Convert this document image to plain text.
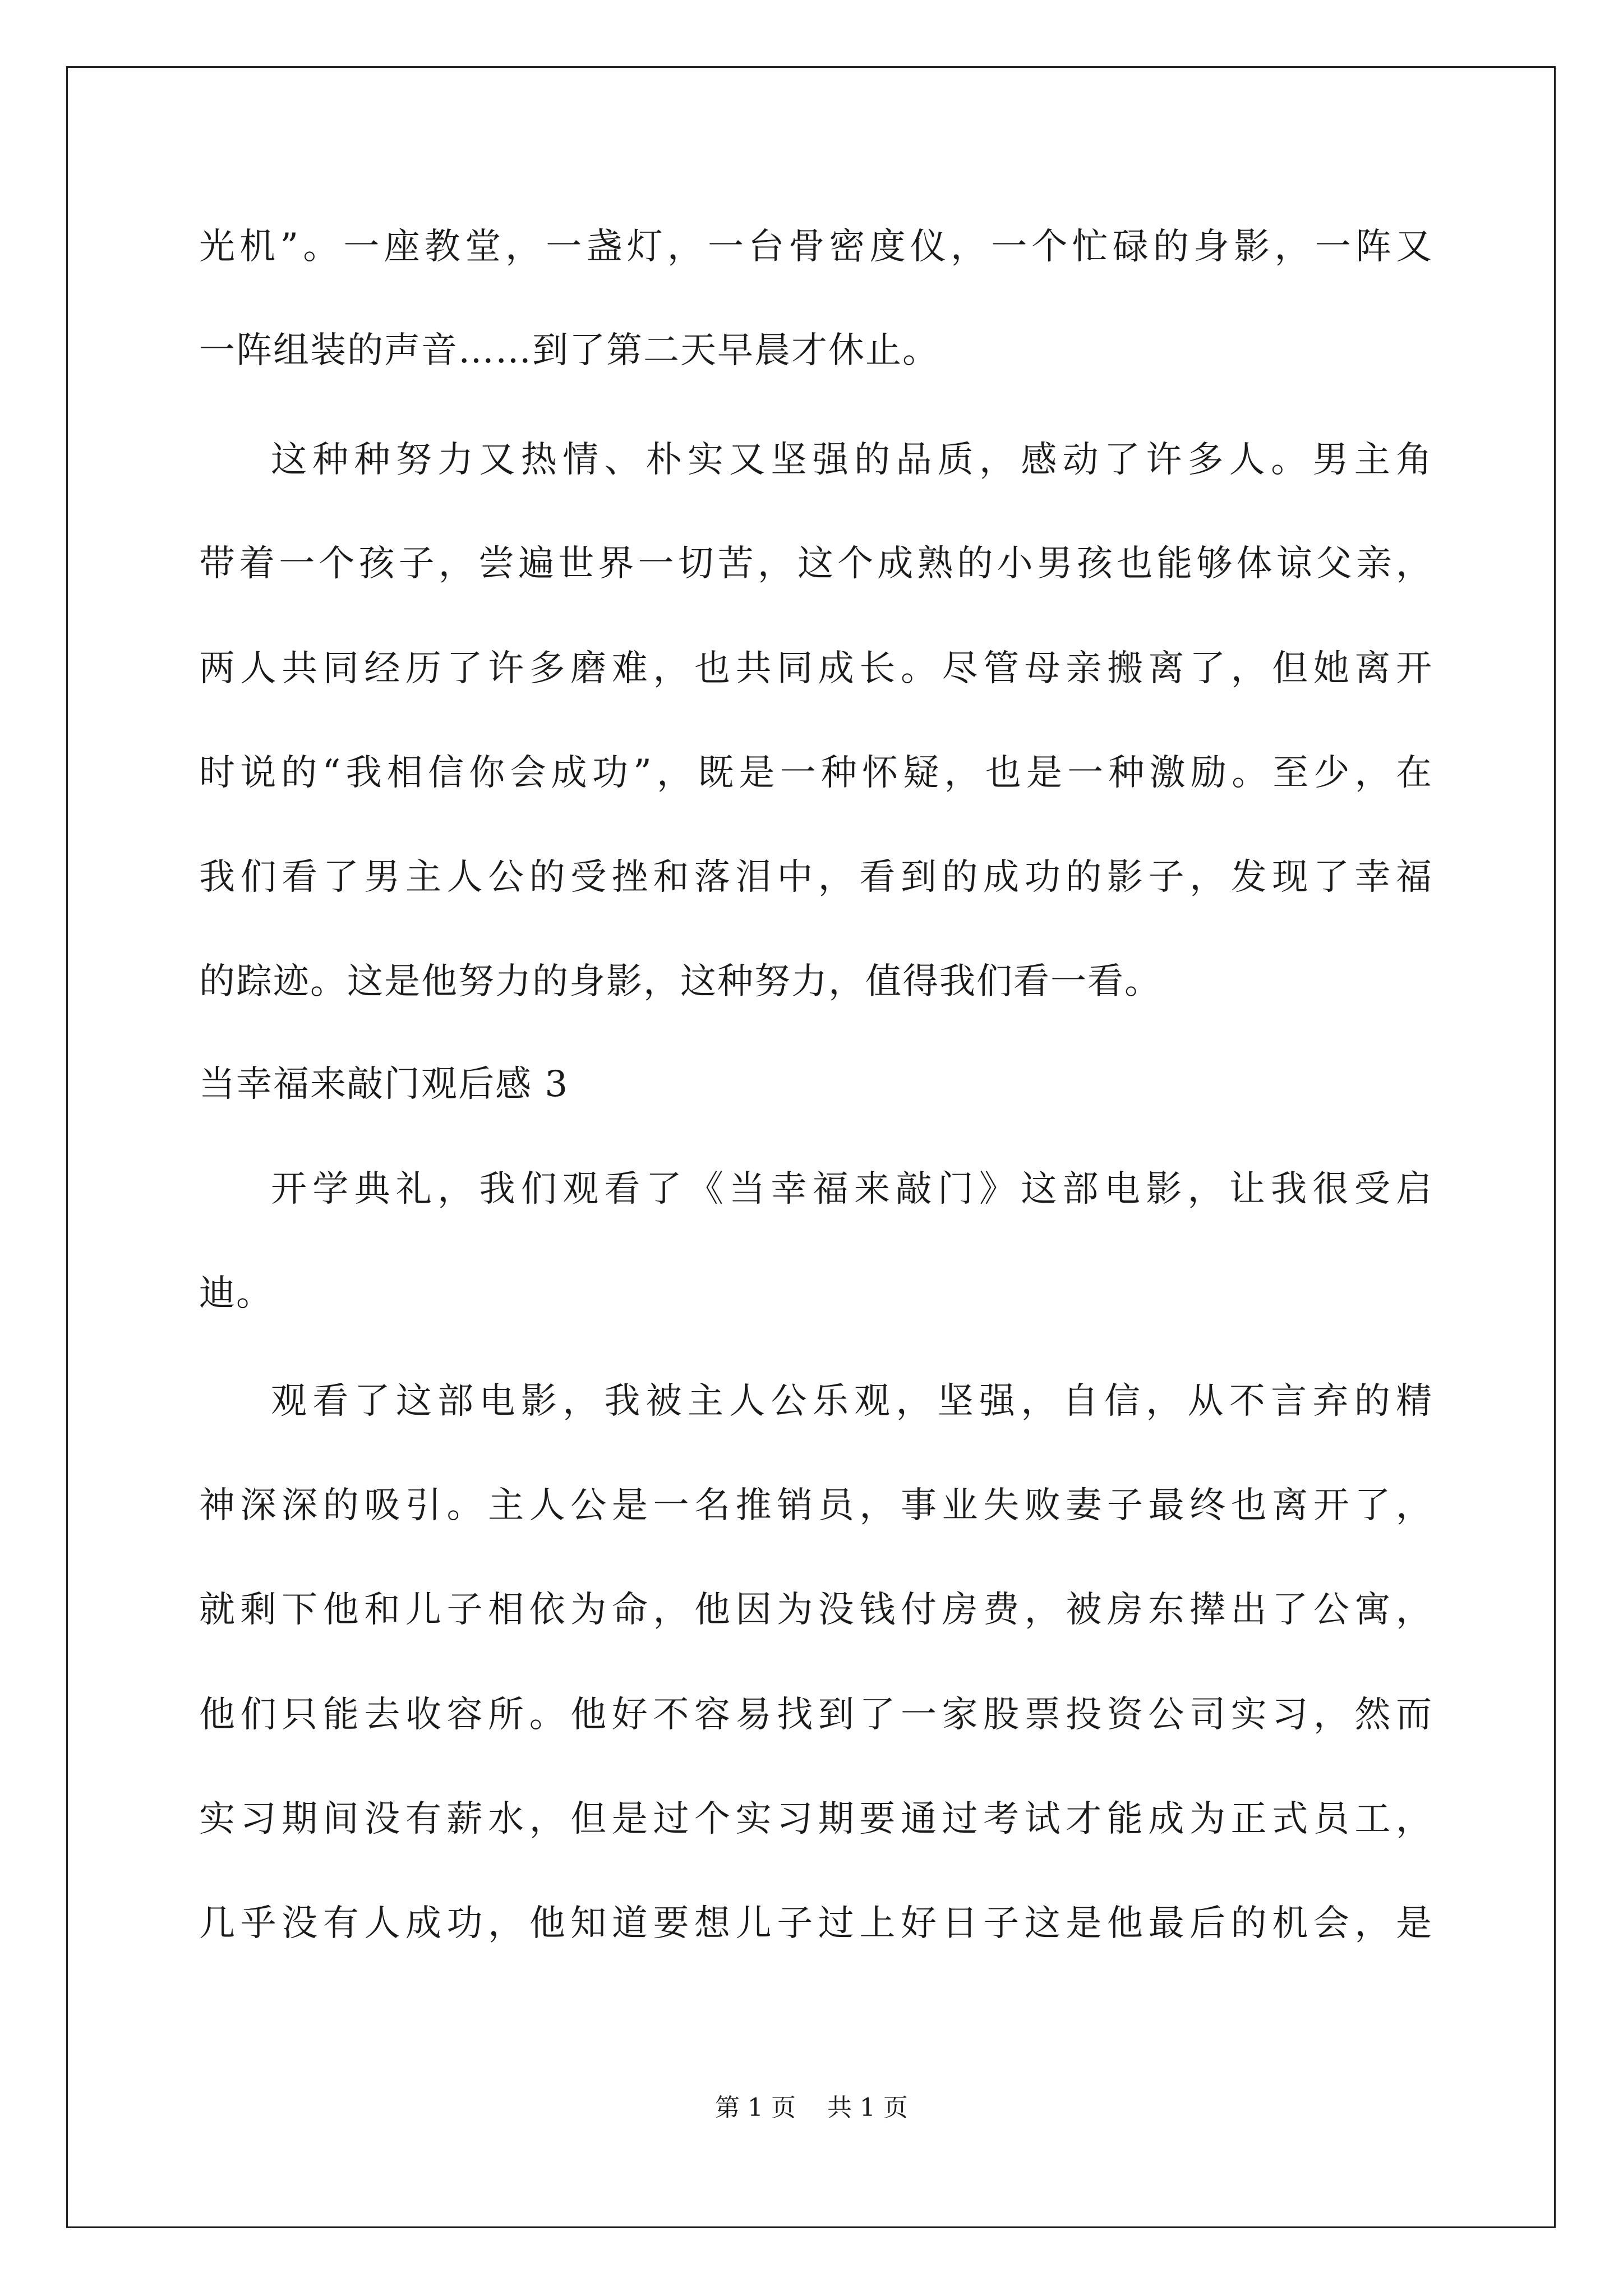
光机”。一座教堂，一盏灯，一台骨密度仪，一个忙碌的身影，一阵又
一阵组装的声音……到了第二天早晨才休止。
这种种努力又热情、朴实又坚强的品质，感动了许多人。男主角
带着一个孩子，尝遍世界一切苦，这个成熟的小男孩也能够体谅父亲，
两人共同经历了许多磨难，也共同成长。尽管母亲搬离了，但她离开
时说的“我相信你会成功”，既是一种怀疑，也是一种激励。至少，在
我们看了男主人公的受挫和落泪中，看到的成功的影子，发现了幸福
的踪迹。这是他努力的身影，这种努力，值得我们看一看。
当幸福来敲门观后感 3
开学典礼，我们观看了《当幸福来敲门》这部电影，让我很受启
迪。
观看了这部电影，我被主人公乐观，坚强，自信，从不言弃的精
神深深的吸引。主人公是一名推销员，事业失败妻子最终也离开了，
就剩下他和儿子相依为命，他因为没钱付房费，被房东撵出了公寓，
他们只能去收容所。他好不容易找到了一家股票投资公司实习，然而
实习期间没有薪水，但是过个实习期要通过考试才能成为正式员工，
几乎没有人成功，他知道要想儿子过上好日子这是他最后的机会，是
第 1 页    共 1 页
